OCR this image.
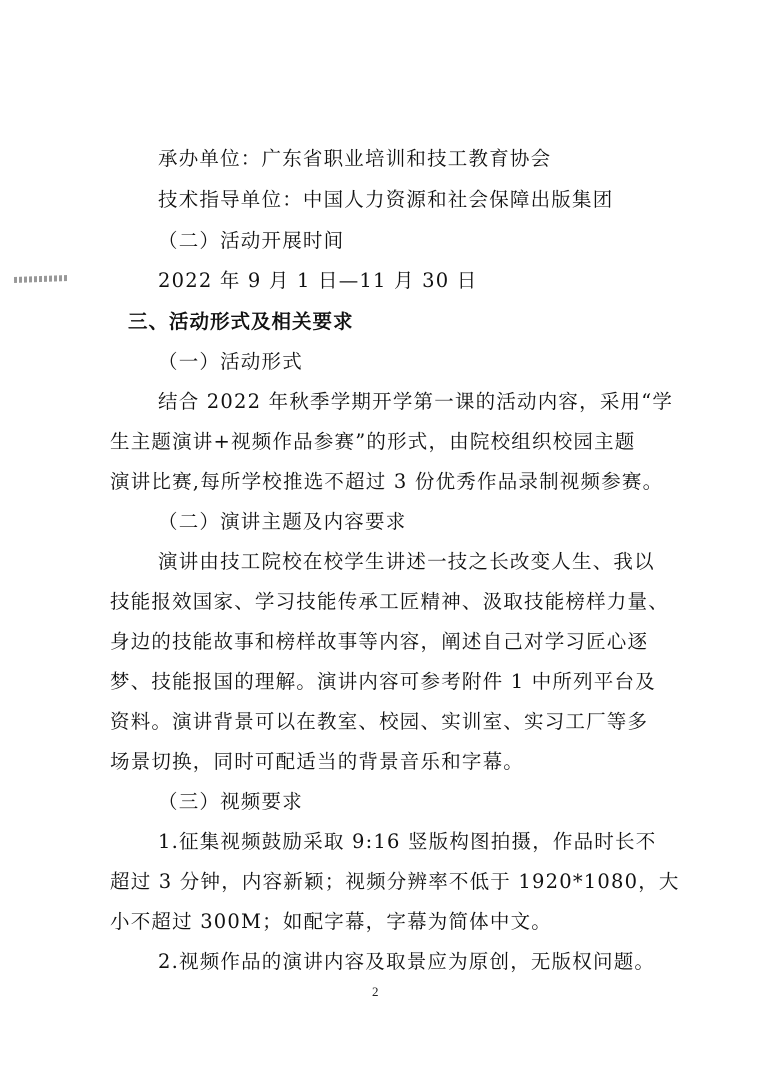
承办单位：广东省职业培训和技工教育协会
技术指导单位：中国人力资源和社会保障出版集团
（二）活动开展时间
2022 年 9 月 1 日—11 月 30 日
三、活动形式及相关要求
（一）活动形式
结合 2022 年秋季学期开学第一课的活动内容，采用“学
生主题演讲+视频作品参赛”的形式，由院校组织校园主题
演讲比赛,每所学校推选不超过 3 份优秀作品录制视频参赛。
（二）演讲主题及内容要求
演讲由技工院校在校学生讲述一技之长改变人生、我以
技能报效国家、学习技能传承工匠精神、汲取技能榜样力量、
身边的技能故事和榜样故事等内容，阐述自己对学习匠心逐
梦、技能报国的理解。演讲内容可参考附件 1 中所列平台及
资料。演讲背景可以在教室、校园、实训室、实习工厂等多
场景切换，同时可配适当的背景音乐和字幕。
（三）视频要求
1.征集视频鼓励采取 9:16 竖版构图拍摄，作品时长不
超过 3 分钟，内容新颖；视频分辨率不低于 1920*1080，大
小不超过 300M；如配字幕，字幕为简体中文。
2.视频作品的演讲内容及取景应为原创，无版权问题。
2
